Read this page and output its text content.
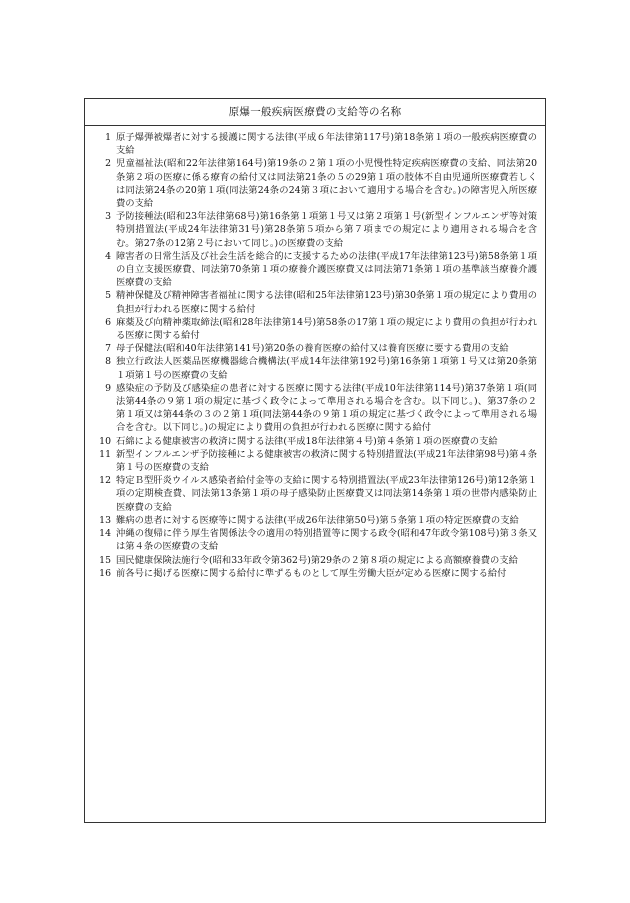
原爆一般疾病医療費の支給等の名称
1 原子爆弾被爆者に対する援護に関する法律(平成６年法律第117号)第18条第１項の一般疾病医療費の支給
2 児童福祉法(昭和22年法律第164号)第19条の２第１項の小児慢性特定疾病医療費の支給、同法第20条第２項の医療に係る療育の給付又は同法第21条の５の29第１項の肢体不自由児通所医療費若しくは同法第24条の20第１項(同法第24条の24第３項において適用する場合を含む。)の障害児入所医療費の支給
3 予防接種法(昭和23年法律第68号)第16条第１項第１号又は第２項第１号(新型インフルエンザ等対策特別措置法(平成24年法律第31号)第28条第５項から第７項までの規定により適用される場合を含む。第27条の12第２号において同じ。)の医療費の支給
4 障害者の日常生活及び社会生活を総合的に支援するための法律(平成17年法律第123号)第58条第１項の自立支援医療費、同法第70条第１項の療養介護医療費又は同法第71条第１項の基準該当療養介護医療費の支給
5 精神保健及び精神障害者福祉に関する法律(昭和25年法律第123号)第30条第１項の規定により費用の負担が行われる医療に関する給付
6 麻薬及び向精神薬取締法(昭和28年法律第14号)第58条の17第１項の規定により費用の負担が行われる医療に関する給付
7 母子保健法(昭和40年法律第141号)第20条の養育医療の給付又は養育医療に要する費用の支給
8 独立行政法人医薬品医療機器総合機構法(平成14年法律第192号)第16条第１項第１号又は第20条第１項第１号の医療費の支給
9 感染症の予防及び感染症の患者に対する医療に関する法律(平成10年法律第114号)第37条第１項(同法第44条の９第１項の規定に基づく政令によって準用される場合を含む。以下同じ。)、第37条の２第１項又は第44条の３の２第１項(同法第44条の９第１項の規定に基づく政令によって準用される場合を含む。以下同じ。)の規定により費用の負担が行われる医療に関する給付
10 石綿による健康被害の救済に関する法律(平成18年法律第４号)第４条第１項の医療費の支給
11 新型インフルエンザ予防接種による健康被害の救済に関する特別措置法(平成21年法律第98号)第４条第１号の医療費の支給
12 特定Ｂ型肝炎ウイルス感染者給付金等の支給に関する特別措置法(平成23年法律第126号)第12条第１項の定期検査費、同法第13条第１項の母子感染防止医療費又は同法第14条第１項の世帯内感染防止医療費の支給
13 難病の患者に対する医療等に関する法律(平成26年法律第50号)第５条第１項の特定医療費の支給
14 沖縄の復帰に伴う厚生省関係法令の適用の特別措置等に関する政令(昭和47年政令第108号)第３条又は第４条の医療費の支給
15 国民健康保険法施行令(昭和33年政令第362号)第29条の２第８項の規定による高額療養費の支給
16 前各号に掲げる医療に関する給付に準ずるものとして厚生労働大臣が定める医療に関する給付
